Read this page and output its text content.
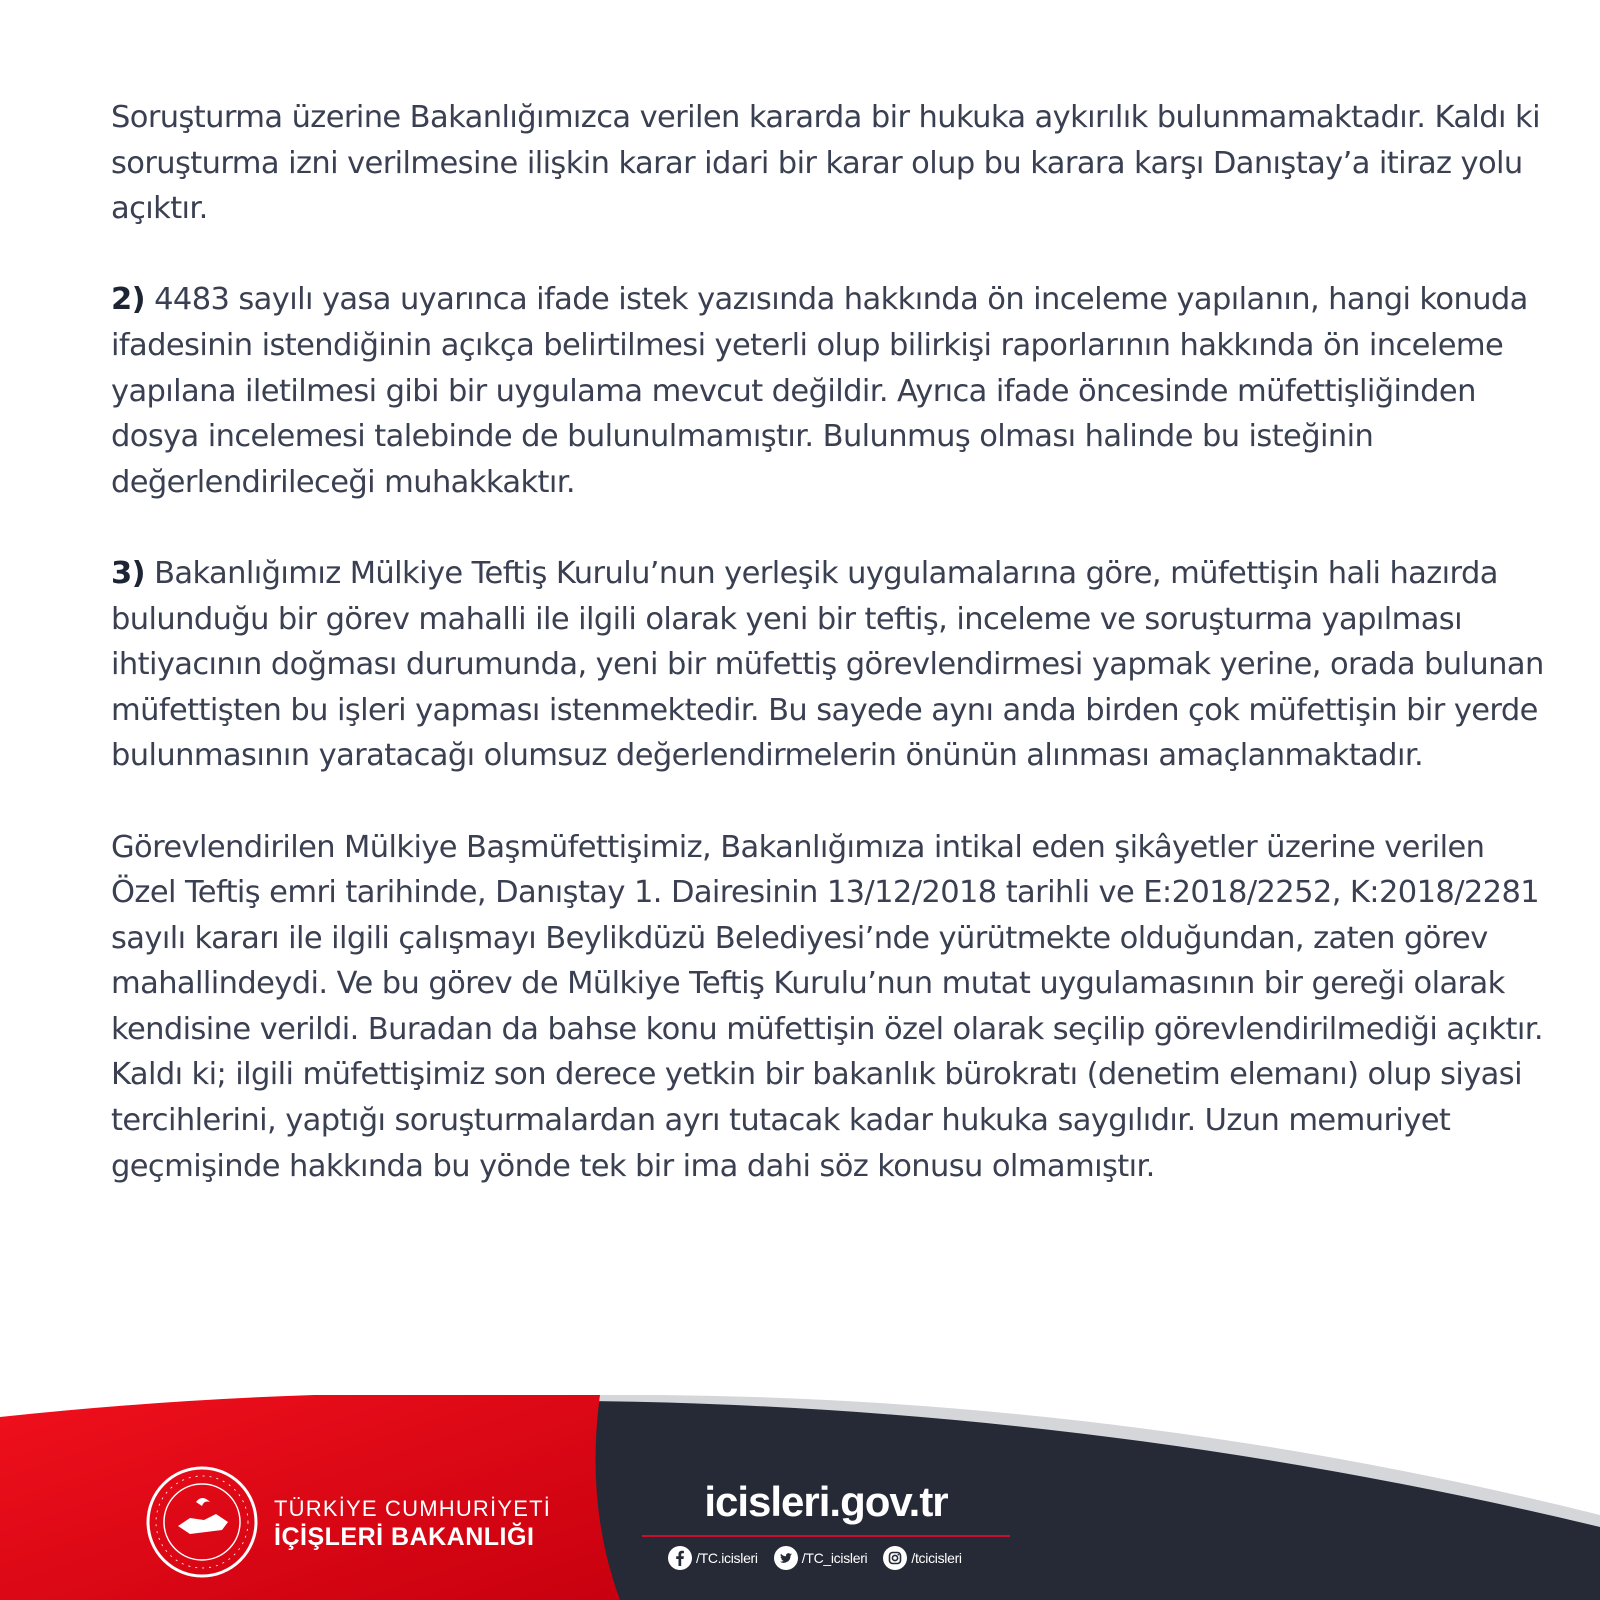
Soruşturma üzerine Bakanlığımızca verilen kararda bir hukuka aykırılık bulunmamaktadır. Kaldı ki soruşturma izni verilmesine ilişkin karar idari bir karar olup bu karara karşı Danıştay’a itiraz yolu açıktır.

2) 4483 sayılı yasa uyarınca ifade istek yazısında hakkında ön inceleme yapılanın, hangi konuda ifadesinin istendiğinin açıkça belirtilmesi yeterli olup bilirkişi raporlarının hakkında ön inceleme yapılana iletilmesi gibi bir uygulama mevcut değildir. Ayrıca ifade öncesinde müfettişliğinden dosya incelemesi talebinde de bulunulmamıştır. Bulunmuş olması halinde bu isteğinin değerlendirileceği muhakkaktır.

3) Bakanlığımız Mülkiye Teftiş Kurulu’nun yerleşik uygulamalarına göre, müfettişin hali hazırda bulunduğu bir görev mahalli ile ilgili olarak yeni bir teftiş, inceleme ve soruşturma yapılması ihtiyacının doğması durumunda, yeni bir müfettiş görevlendirmesi yapmak yerine, orada bulunan müfettişten bu işleri yapması istenmektedir. Bu sayede aynı anda birden çok müfettişin bir yerde bulunmasının yaratacağı olumsuz değerlendirmelerin önünün alınması amaçlanmaktadır.

Görevlendirilen Mülkiye Başmüfettişimiz, Bakanlığımıza intikal eden şikâyetler üzerine verilen Özel Teftiş emri tarihinde, Danıştay 1. Dairesinin 13/12/2018 tarihli ve E:2018/2252, K:2018/2281 sayılı kararı ile ilgili çalışmayı Beylikdüzü Belediyesi’nde yürütmekte olduğundan, zaten görev mahallindeydi. Ve bu görev de Mülkiye Teftiş Kurulu’nun mutat uygulamasının bir gereği olarak kendisine verildi. Buradan da bahse konu müfettişin özel olarak seçilip görevlendirilmediği açıktır. Kaldı ki; ilgili müfettişimiz son derece yetkin bir bakanlık bürokratı (denetim elemanı) olup siyasi tercihlerini, yaptığı soruşturmalardan ayrı tutacak kadar hukuka saygılıdır. Uzun memuriyet geçmişinde hakkında bu yönde tek bir ima dahi söz konusu olmamıştır.

TÜRKİYE CUMHURİYETİ
İÇİŞLERİ BAKANLIĞI
icisleri.gov.tr
/TC.icisleri	/TC_icisleri	/tcicisleri
